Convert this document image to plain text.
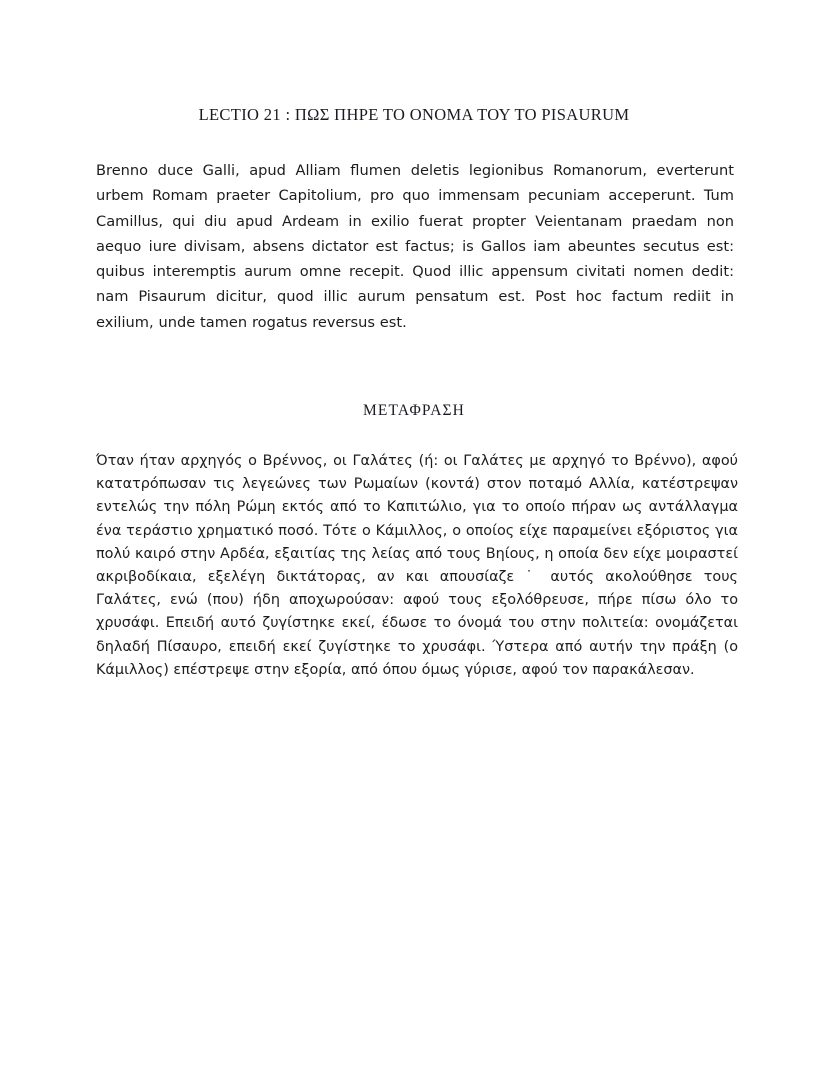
LECTIO 21 : ΠΩΣ ΠΗΡΕ ΤΟ ΟΝΟΜΑ ΤΟΥ ΤΟ PISAURUM

Brenno duce Galli, apud Alliam flumen deletis legionibus Romanorum, everterunt urbem Romam praeter Capitolium, pro quo immensam pecuniam acceperunt. Tum Camillus, qui diu apud Ardeam in exilio fuerat propter Veientanam praedam non aequo iure divisam, absens dictator est factus; is Gallos iam abeuntes secutus est: quibus interemptis aurum omne recepit. Quod illic appensum civitati nomen dedit: nam Pisaurum dicitur, quod illic aurum pensatum est. Post hoc factum rediit in exilium, unde tamen rogatus reversus est.

ΜΕΤΑΦΡΑΣΗ

Όταν ήταν αρχηγός ο Βρέννος, οι Γαλάτες (ή: οι Γαλάτες με αρχηγό το Βρέννο), αφού κατατρόπωσαν τις λεγεώνες των Ρωμαίων (κοντά) στον ποταμό Αλλία, κατέστρεψαν εντελώς την πόλη Ρώμη εκτός από το Καπιτώλιο, για το οποίο πήραν ως αντάλλαγμα ένα τεράστιο χρηματικό ποσό. Τότε ο Κάμιλλος, ο οποίος είχε παραμείνει εξόριστος για πολύ καιρό στην Αρδέα, εξαιτίας της λείας από τους Βηίους, η οποία δεν είχε μοιραστεί ακριβοδίκαια, εξελέγη δικτάτορας, αν και απουσίαζε ˙ αυτός ακολούθησε τους Γαλάτες, ενώ (που) ήδη αποχωρούσαν: αφού τους εξολόθρευσε, πήρε πίσω όλο το χρυσάφι. Επειδή αυτό ζυγίστηκε εκεί, έδωσε το όνομά του στην πολιτεία: ονομάζεται δηλαδή Πίσαυρο, επειδή εκεί ζυγίστηκε το χρυσάφι. Ύστερα από αυτήν την πράξη (ο Κάμιλλος) επέστρεψε στην εξορία, από όπου όμως γύρισε, αφού τον παρακάλεσαν.
